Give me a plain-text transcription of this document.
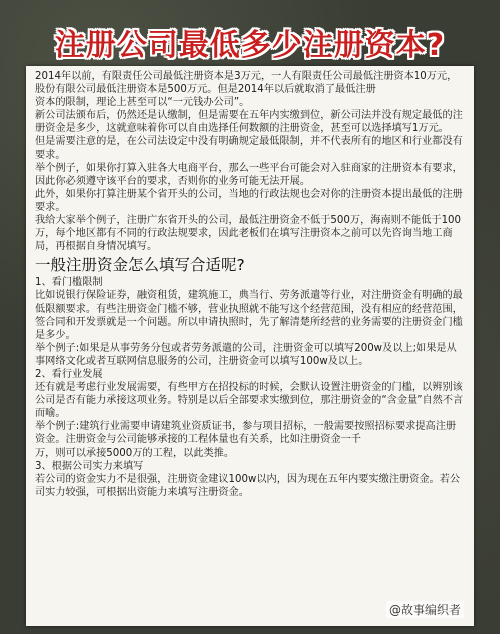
注册公司最低多少注册资本?

2014年以前，有限责任公司最低注册资本是3万元，一人有限责任公司最低注册资本10万元，股份有限公司最低注册资本是500万元。但是2014年以后就取消了最低注册

资本的限制，理论上甚至可以“一元钱办公司”。

新公司法颁布后，仍然还是认缴制，但是需要在五年内实缴到位，新公司法并没有规定最低的注册资金是多少，这就意味着你可以自由选择任何数额的注册资金，甚至可以选择填写1万元。

但是需要注意的是，在公司法设定中没有明确规定最低限制，并不代表所有的地区和行业都没有要求。

举个例子，如果你打算入驻各大电商平台，那么一些平台可能会对入驻商家的注册资本有要求，因此你必须遵守该平台的要求，否则你的业务可能无法开展。

此外，如果你打算注册某个省开头的公司，当地的行政法规也会对你的注册资本提出最低的注册要求。

我给大家举个例子，注册广东省开头的公司，最低注册资金不低于500万，海南则不能低于100万，每个地区都有不同的行政法规要求，因此老板们在填写注册资本之前可以先咨询当地工商局，再根据自身情况填写。

一般注册资金怎么填写合适呢?

1、看门槛限制

比如说银行保险证券，融资租赁，建筑施工，典当行、劳务派遣等行业，对注册资金有明确的最低限额要求。有些注册资金门槛不够，营业执照就不能写这个经营范围，没有相应的经营范围，签合同和开发票就是一个问题。所以申请执照时，先了解清楚所经营的业务需要的注册资金门槛是多少。

举个例子:如果是从事劳务分包或者劳务派遣的公司，注册资金可以填写200w及以上;如果是从事网络文化或者互联网信息服务的公司，注册资金可以填写100w及以上。

2、看行业发展

还有就是考虑行业发展需要，有些甲方在招投标的时候，会默认设置注册资金的门槛，以辨别该公司是否有能力承接这项业务。特别是以后全部要求实缴到位，那注册资金的“含金量”自然不言而喻。

举个例子:建筑行业需要申请建筑业资质证书，参与项目招标，一般需要按照招标要求提高注册资金。注册资金与公司能够承接的工程体量也有关系，比如注册资金一千

万，则可以承接5000万的工程，以此类推。

3、根据公司实力来填写

若公司的资金实力不是很强，注册资金建议100w以内，因为现在五年内要实缴注册资金。若公司实力较强，可根据出资能力来填写注册资金。

@故事编织者
